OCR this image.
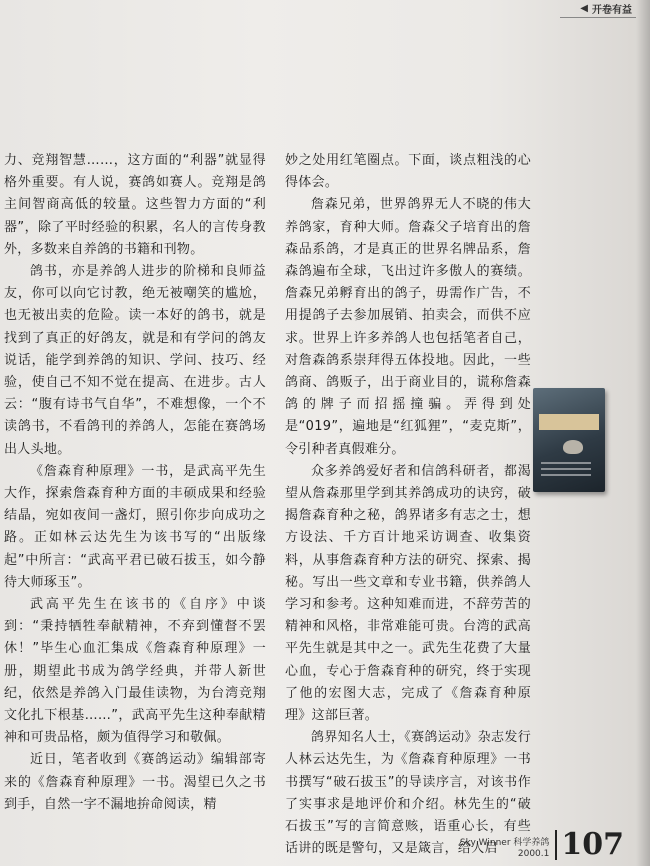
◀ 开卷有益

力、竞翔智慧……，这方面的“利器”就显得格外重要。有人说，赛鸽如赛人。竞翔是鸽主间智商高低的较量。这些智力方面的“利器”，除了平时经验的积累，名人的言传身教外，多数来自养鸽的书籍和刊物。

鸽书，亦是养鸽人进步的阶梯和良师益友，你可以向它讨教，绝无被嘲笑的尴尬，也无被出卖的危险。读一本好的鸽书，就是找到了真正的好鸽友，就是和有学问的鸽友说话，能学到养鸽的知识、学问、技巧、经验，使自己不知不觉在提高、在进步。古人云：“腹有诗书气自华”，不难想像，一个不读鸽书，不看鸽刊的养鸽人，怎能在赛鸽场出人头地。

《詹森育种原理》一书，是武高平先生大作，探索詹森育种方面的丰硕成果和经验结晶，宛如夜间一盏灯，照引你步向成功之路。正如林云达先生为该书写的“出版缘起”中所言：“武高平君已破石拔玉，如今静待大师琢玉”。

武高平先生在该书的《自序》中谈到：“秉持牺牲奉献精神，不弃到懂督不罢休！”毕生心血汇集成《詹森育种原理》一册，期望此书成为鸽学经典，并带人新世纪，依然是养鸽入门最佳读物，为台湾竞翔文化扎下根基……”，武高平先生这种奉献精神和可贵品格，颇为值得学习和敬佩。

近日，笔者收到《赛鸽运动》编辑部寄来的《詹森育种原理》一书。渴望已久之书到手，自然一字不漏地拚命阅读，精

妙之处用红笔圈点。下面，谈点粗浅的心得体会。

詹森兄弟，世界鸽界无人不晓的伟大养鸽家，育种大师。詹森父子培育出的詹森品系鸽，才是真正的世界名牌品系，詹森鸽遍布全球，飞出过许多傲人的赛绩。詹森兄弟孵育出的鸽子，毋需作广告，不用提鸽子去参加展销、拍卖会，而供不应求。世界上许多养鸽人也包括笔者自己，对詹森鸽系崇拜得五体投地。因此，一些鸽商、鸽贩子，出于商业目的，谎称詹森鸽的牌子而招摇撞骗。弄得到处是“019”，遍地是“红狐狸”，“麦克斯”，令引种者真假难分。

众多养鸽爱好者和信鸽科研者，都渴望从詹森那里学到其养鸽成功的诀窍，破揭詹森育种之秘，鸽界诸多有志之士，想方设法、千方百计地采访调查、收集资料，从事詹森育种方法的研究、探索、揭秘。写出一些文章和专业书籍，供养鸽人学习和参考。这种知难而进，不辞劳苦的精神和风格，非常难能可贵。台湾的武高平先生就是其中之一。武先生花费了大量心血，专心于詹森育种的研究，终于实现了他的宏图大志，完成了《詹森育种原理》这部巨著。

鸽界知名人士，《赛鸽运动》杂志发行人林云达先生，为《詹森育种原理》一书书撰写“破石拔玉”的导读序言，对该书作了实事求是地评价和介绍。林先生的“破石拔玉”写的言简意赅，语重心长，有些话讲的既是警句，又是箴言，给人启

Sky Winner 科学养鸽
2000.1 107
